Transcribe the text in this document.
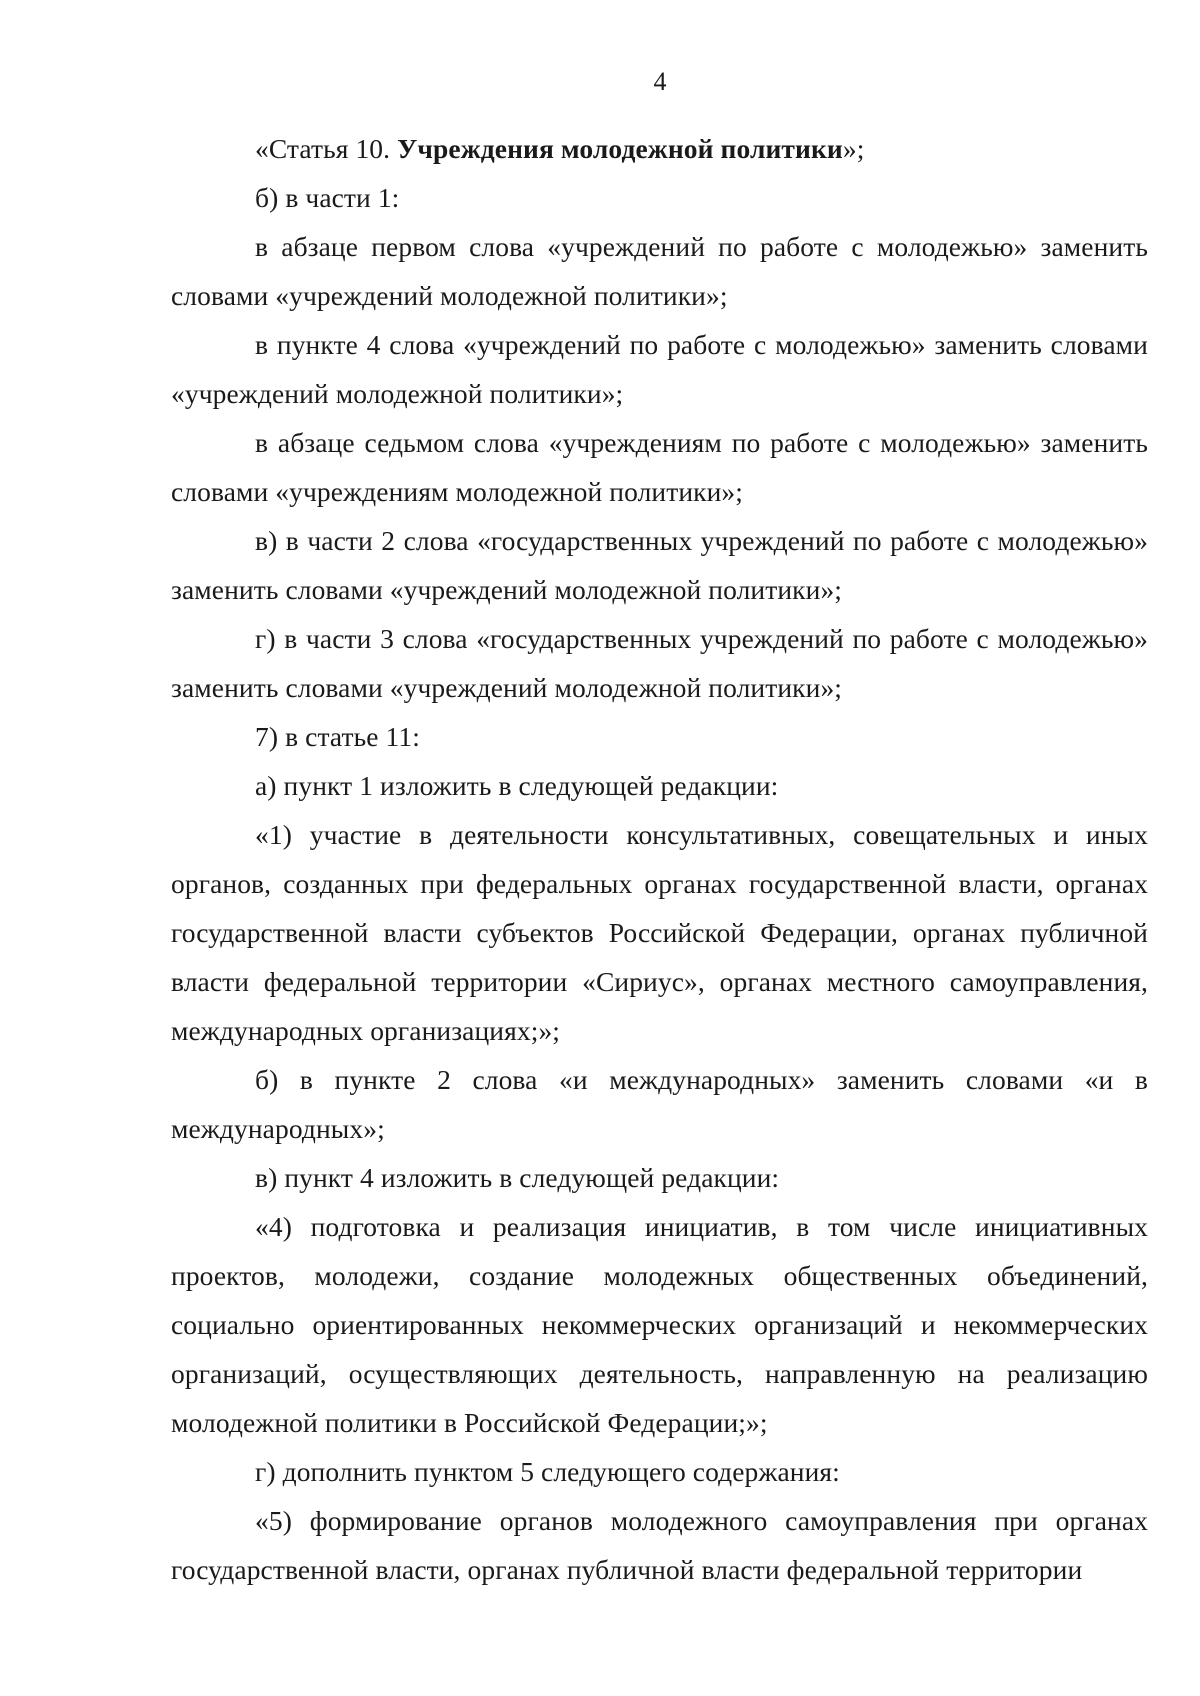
4

«Статья 10. Учреждения молодежной политики»;

б) в части 1:

в абзаце первом слова «учреждений по работе с молодежью» заменить словами «учреждений молодежной политики»;

в пункте 4 слова «учреждений по работе с молодежью» заменить словами «учреждений молодежной политики»;

в абзаце седьмом слова «учреждениям по работе с молодежью» заменить словами «учреждениям молодежной политики»;

в) в части 2 слова «государственных учреждений по работе с молодежью» заменить словами «учреждений молодежной политики»;

г) в части 3 слова «государственных учреждений по работе с молодежью» заменить словами «учреждений молодежной политики»;

7) в статье 11:

а) пункт 1 изложить в следующей редакции:

«1) участие в деятельности консультативных, совещательных и иных органов, созданных при федеральных органах государственной власти, органах государственной власти субъектов Российской Федерации, органах публичной власти федеральной территории «Сириус», органах местного самоуправления, международных организациях;»;

б) в пункте 2 слова «и международных» заменить словами «и в международных»;

в) пункт 4 изложить в следующей редакции:

«4) подготовка и реализация инициатив, в том числе инициативных проектов, молодежи, создание молодежных общественных объединений, социально ориентированных некоммерческих организаций и некоммерческих организаций, осуществляющих деятельность, направленную на реализацию молодежной политики в Российской Федерации;»;

г) дополнить пунктом 5 следующего содержания:

«5) формирование органов молодежного самоуправления при органах государственной власти, органах публичной власти федеральной территории
